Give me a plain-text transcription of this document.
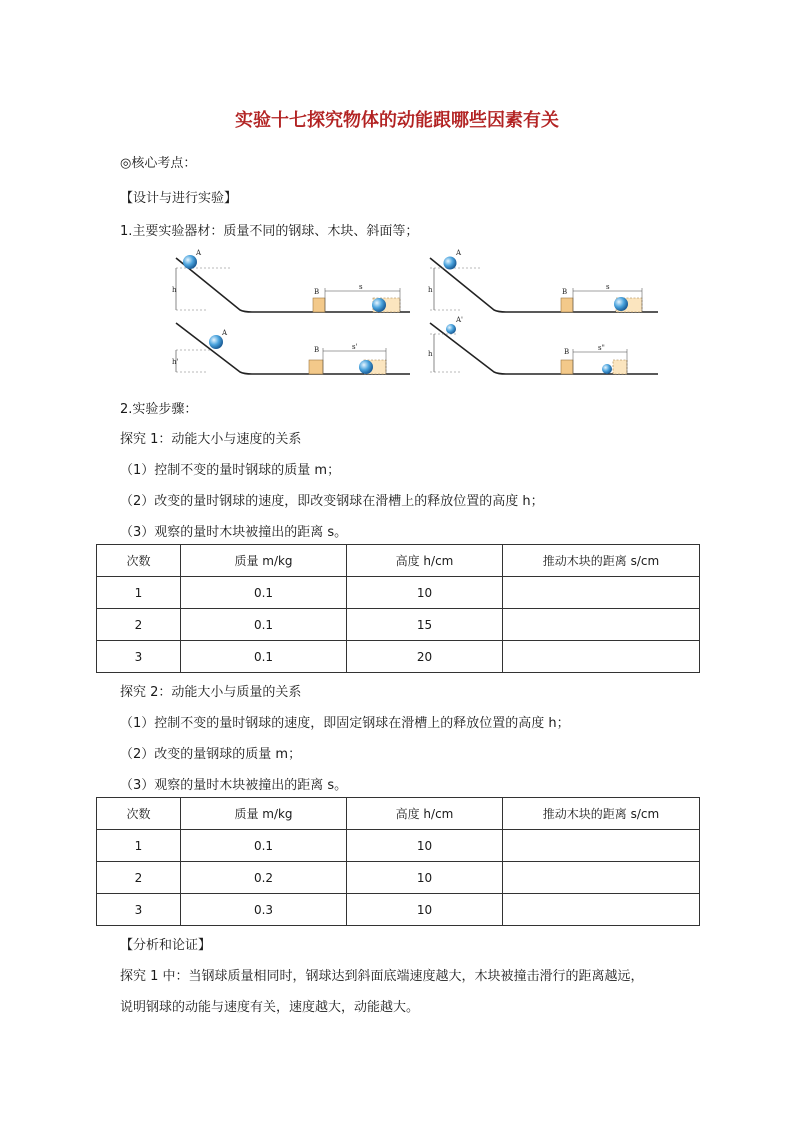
实验十七探究物体的动能跟哪些因素有关
◎核心考点：
【设计与进行实验】
1.主要实验器材：质量不同的钢球、木块、斜面等；
h
A
B
s	h
A
B
s
h'
A
B	s'
h
A'
B	s"
2.实验步骤：
探究 1：动能大小与速度的关系
（1）控制不变的量时钢球的质量 m；
（2）改变的量时钢球的速度，即改变钢球在滑槽上的释放位置的高度 h；
（3）观察的量时木块被撞出的距离 s。
次数	质量 m/kg	高度 h/cm	推动木块的距离 s/cm
1	0.1	10	
2	0.1	15	
3	0.1	20	
探究 2：动能大小与质量的关系
（1）控制不变的量时钢球的速度，即固定钢球在滑槽上的释放位置的高度 h；
（2）改变的量钢球的质量 m；
（3）观察的量时木块被撞出的距离 s。
次数	质量 m/kg	高度 h/cm	推动木块的距离 s/cm
1	0.1	10	
2	0.2	10	
3	0.3	10	
【分析和论证】
探究 1 中：当钢球质量相同时，钢球达到斜面底端速度越大，木块被撞击滑行的距离越远，
说明钢球的动能与速度有关，速度越大，动能越大。
